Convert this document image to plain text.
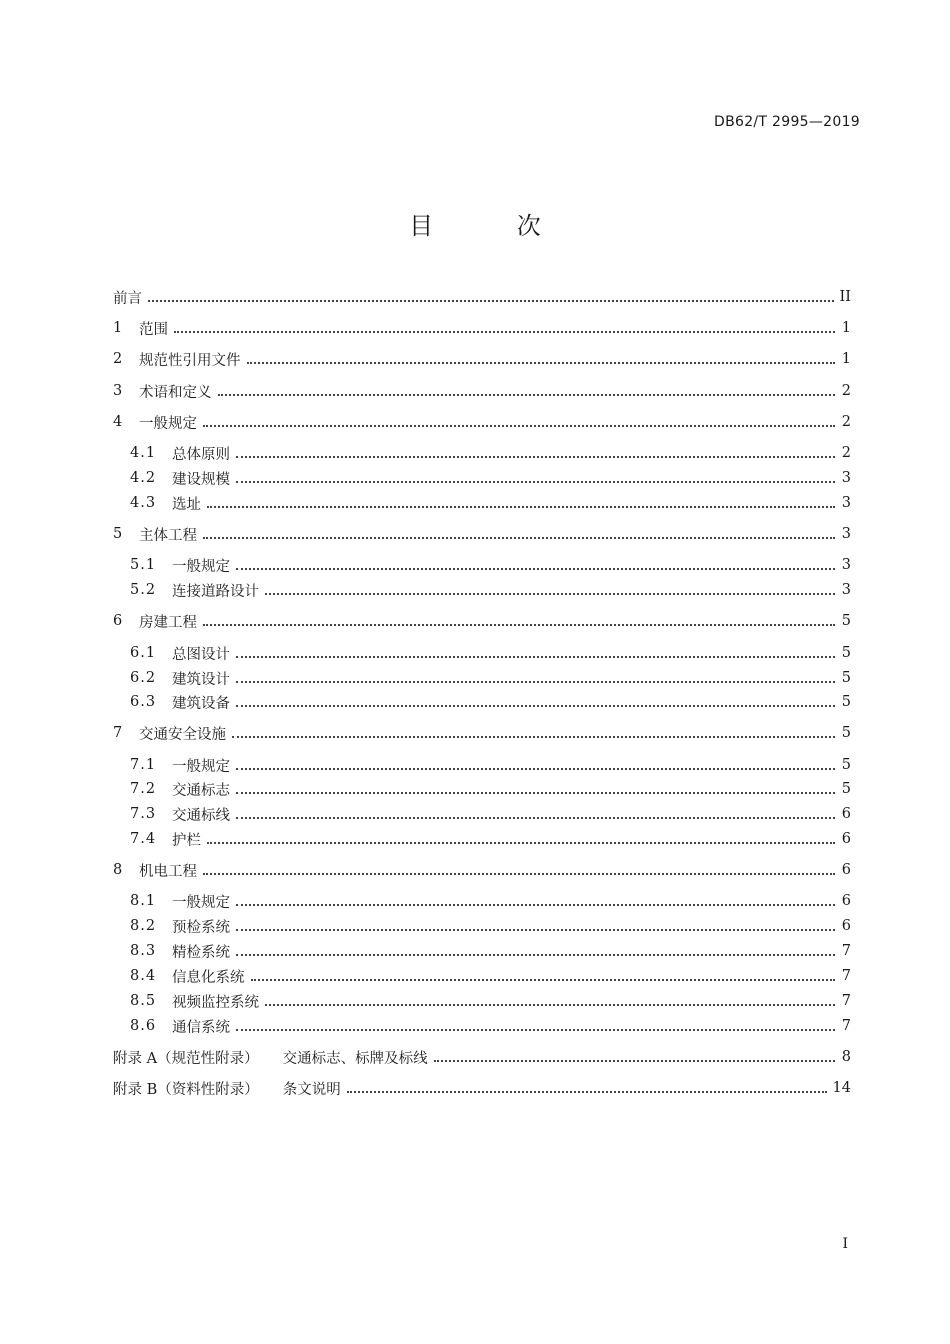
DB62/T 2995—2019
目 次
前言	II
1	范围	1
2	规范性引用文件	1
3	术语和定义	2
4	一般规定	2
4.1	总体原则	2
4.2	建设规模	3
4.3	选址	3
5	主体工程	3
5.1	一般规定	3
5.2	连接道路设计	3
6	房建工程	5
6.1	总图设计	5
6.2	建筑设计	5
6.3	建筑设备	5
7	交通安全设施	5
7.1	一般规定	5
7.2	交通标志	5
7.3	交通标线	6
7.4	护栏	6
8	机电工程	6
8.1	一般规定	6
8.2	预检系统	6
8.3	精检系统	7
8.4	信息化系统	7
8.5	视频监控系统	7
8.6	通信系统	7
附录 A（规范性附录） 交通标志、标牌及标线	8
附录 B（资料性附录） 条文说明	14
I
